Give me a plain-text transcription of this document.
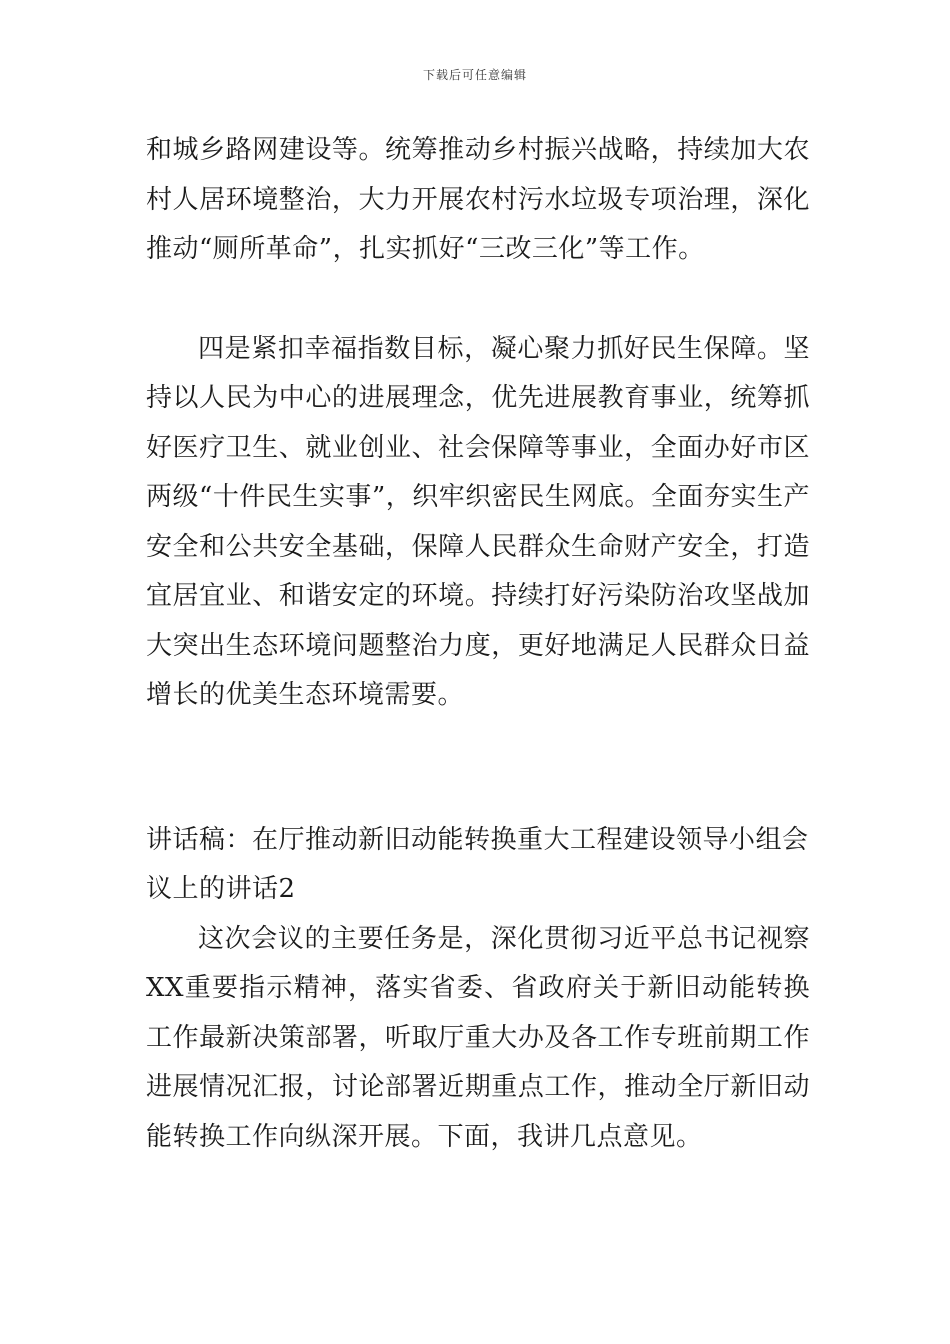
下载后可任意编辑

和城乡路网建设等。统筹推动乡村振兴战略，持续加大农村人居环境整治，大力开展农村污水垃圾专项治理，深化推动“厕所革命”，扎实抓好“三改三化”等工作。

四是紧扣幸福指数目标，凝心聚力抓好民生保障。坚持以人民为中心的进展理念，优先进展教育事业，统筹抓好医疗卫生、就业创业、社会保障等事业，全面办好市区两级“十件民生实事”，织牢织密民生网底。全面夯实生产安全和公共安全基础，保障人民群众生命财产安全，打造宜居宜业、和谐安定的环境。持续打好污染防治攻坚战加大突出生态环境问题整治力度，更好地满足人民群众日益增长的优美生态环境需要。

讲话稿：在厅推动新旧动能转换重大工程建设领导小组会议上的讲话2

这次会议的主要任务是，深化贯彻习近平总书记视察XX重要指示精神，落实省委、省政府关于新旧动能转换工作最新决策部署，听取厅重大办及各工作专班前期工作进展情况汇报，讨论部署近期重点工作，推动全厅新旧动能转换工作向纵深开展。下面，我讲几点意见。
